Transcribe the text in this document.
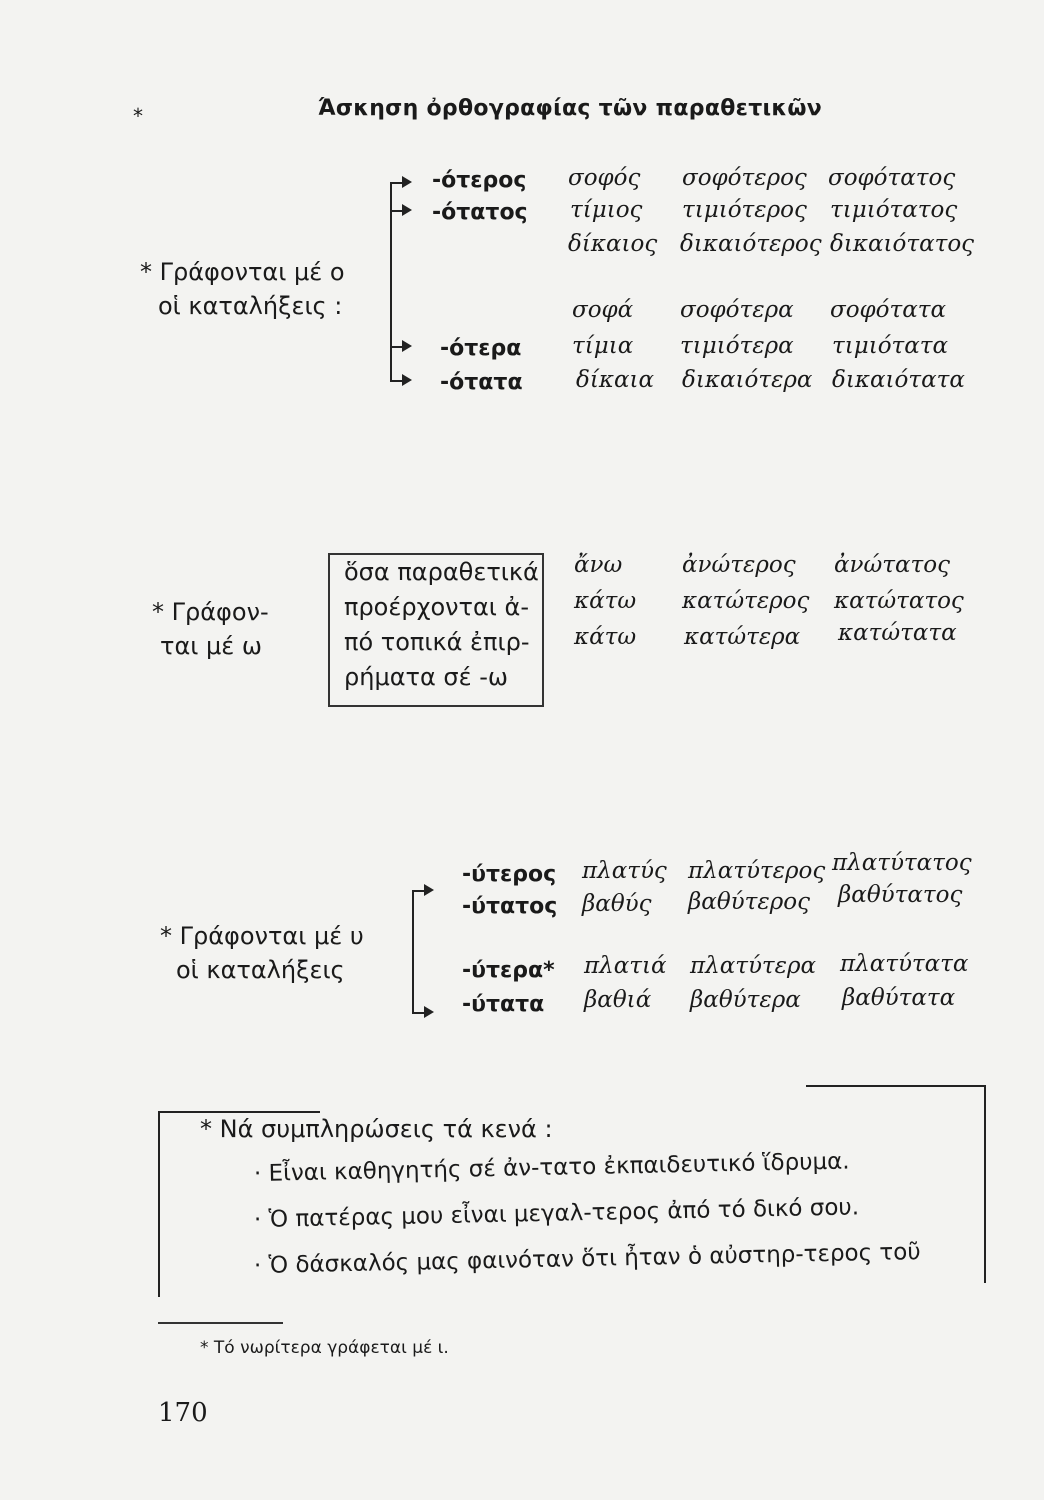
*	Άσκηση ὀρθογραφίας τῶν παραθετικῶν
* Γράφονται μέ ο
οἱ καταλήξεις :
-ότερος
-ότατος
-ότερα
-ότατα
σοφός σοφότερος σοφότατος
τίμιος τιμιότερος τιμιότατος
δίκαιος δικαιότερος δικαιότατος
σοφά σοφότερα σοφότατα
τίμια τιμιότερα τιμιότατα
δίκαια δικαιότερα δικαιότατα
* Γράφον-
ται μέ ω
ὅσα παραθετικά
προέρχονται ἀ-
πό τοπικά ἐπιρ-
ρήματα σέ -ω
ἄνω	ἀνώτερος ἀνώτατος
κάτω κατώτερος κατώτατος
κάτω κατώτερα κατώτατα
* Γράφονται μέ υ
οἱ καταλήξεις
-ύτερος
-ύτατος
-ύτερα*
-ύτατα
πλατύς πλατύτερος πλατύτατος
βαθύς βαθύτερος βαθύτατος
πλατιά πλατύτερα πλατύτατα
βαθιά βαθύτερα βαθύτατα
* Νά συμπληρώσεις τά κενά :
· Εἶναι καθηγητής σέ ἀν-τατο ἐκπαιδευτικό ἵδρυμα.
· Ὁ πατέρας μου εἶναι μεγαλ-τερος ἀπό τό δικό σου.
· Ὁ δάσκαλός μας φαινόταν ὅτι ἦταν ὁ αὐστηρ-τερος τοῦ
* Τό νωρίτερα γράφεται μέ ι.
170
